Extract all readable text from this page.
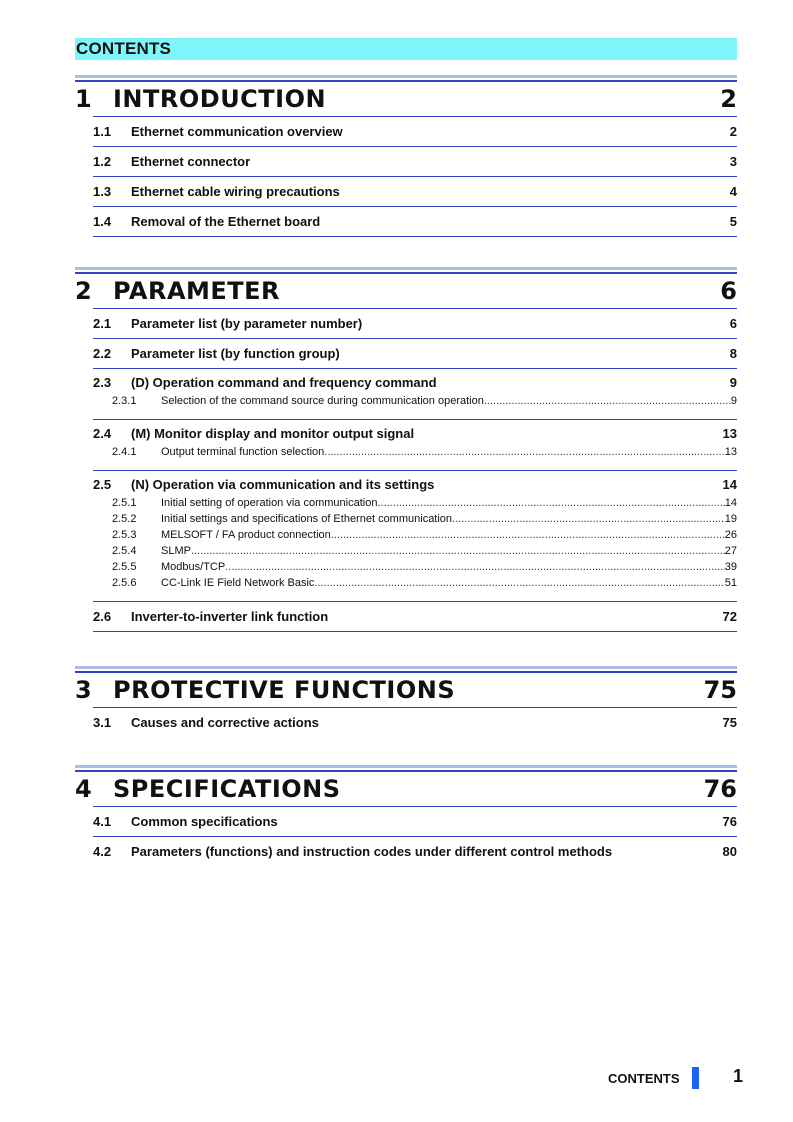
CONTENTS
1 INTRODUCTION	2
1.1	Ethernet communication overview	2
1.2	Ethernet connector	3
1.3	Ethernet cable wiring precautions	4
1.4	Removal of the Ethernet board	5
2 PARAMETER	6
2.1	Parameter list (by parameter number)	6
2.2	Parameter list (by function group)	8
2.3	(D) Operation command and frequency command	9
2.3.1	Selection of the command source during communication operation .....	9
2.4	(M) Monitor display and monitor output signal	13
2.4.1	Output terminal function selection .....	13
2.5	(N) Operation via communication and its settings	14
2.5.1	Initial setting of operation via communication .....	14
2.5.2	Initial settings and specifications of Ethernet communication .....	19
2.5.3	MELSOFT / FA product connection .....	26
2.5.4	SLMP .....	27
2.5.5	Modbus/TCP .....	39
2.5.6	CC-Link IE Field Network Basic .....	51
2.6	Inverter-to-inverter link function	72
3 PROTECTIVE FUNCTIONS	75
3.1	Causes and corrective actions	75
4 SPECIFICATIONS	76
4.1	Common specifications	76
4.2	Parameters (functions) and instruction codes under different control methods	80
CONTENTS	1
